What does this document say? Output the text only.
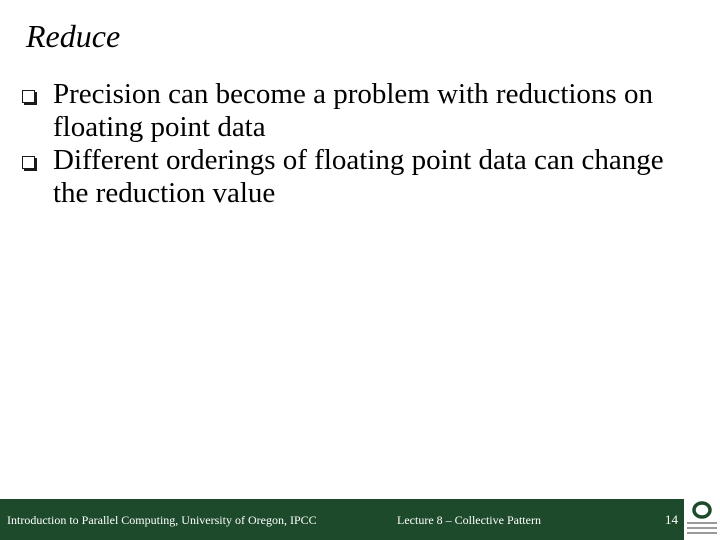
Reduce
Precision can become a problem with reductions on floating point data
Different orderings of floating point data can change the reduction value
Introduction to Parallel Computing, University of Oregon, IPCC	Lecture 8 – Collective Pattern	14
